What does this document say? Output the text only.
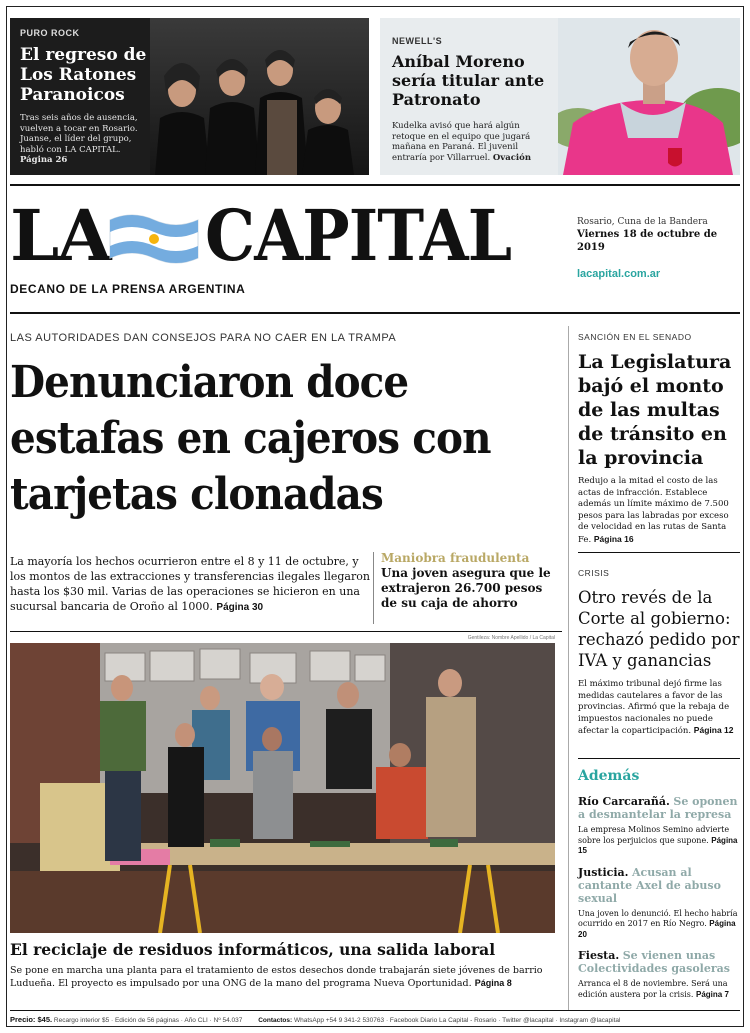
PURO ROCK
El regreso de Los Ratones Paranoicos
Tras seis años de ausencia, vuelven a tocar en Rosario. Juanse, el líder del grupo, habló con LA CAPITAL. Página 26
NEWELL'S
Aníbal Moreno sería titular ante Patronato
Kudelka avisó que hará algún retoque en el equipo que jugará mañana en Paraná. El juvenil entraría por Villarruel. Ovación
LA CAPITAL
DECANO DE LA PRENSA ARGENTINA
Rosario, Cuna de la Bandera
Viernes 18 de octubre de 2019
lacapital.com.ar
LAS AUTORIDADES DAN CONSEJOS PARA NO CAER EN LA TRAMPA
Denunciaron doce estafas en cajeros con tarjetas clonadas
La mayoría los hechos ocurrieron entre el 8 y 11 de octubre, y los montos de las extracciones y transferencias ilegales llegaron hasta los $30 mil. Varias de las operaciones se hicieron en una sucursal bancaria de Oroño al 1000. Página 30
Maniobra fraudulenta
Una joven asegura que le extrajeron 26.700 pesos de su caja de ahorro
Gentileza: Nombre Apellido / La Capital
El reciclaje de residuos informáticos, una salida laboral
Se pone en marcha una planta para el tratamiento de estos desechos donde trabajarán siete jóvenes de barrio Ludueña. El proyecto es impulsado por una ONG de la mano del programa Nueva Oportunidad. Página 8
SANCIÓN EN EL SENADO
La Legislatura bajó el monto de las multas de tránsito en la provincia
Redujo a la mitad el costo de las actas de infracción. Establece además un límite máximo de 7.500 pesos para las labradas por exceso de velocidad en las rutas de Santa Fe. Página 16
CRISIS
Otro revés de la Corte al gobierno: rechazó pedido por IVA y ganancias
El máximo tribunal dejó firme las medidas cautelares a favor de las provincias. Afirmó que la rebaja de impuestos nacionales no puede afectar la coparticipación. Página 12
Además
Río Carcarañá. Se oponen a desmantelar la represa
La empresa Molinos Semino advierte sobre los perjuicios que supone. Página 15
Justicia. Acusan al cantante Axel de abuso sexual
Una joven lo denunció. El hecho habría ocurrido en 2017 en Río Negro. Página 20
Fiesta. Se vienen unas Colectividades gasoleras
Arranca el 8 de noviembre. Será una edición austera por la crisis. Página 7
Precio: $45. Recargo interior $5 · Edición de 56 páginas · Año CLI · Nº 54.037 Contactos: WhatsApp +54 9 341-2 530763 · Facebook Diario La Capital - Rosario · Twitter @lacapital · Instagram @lacapital
